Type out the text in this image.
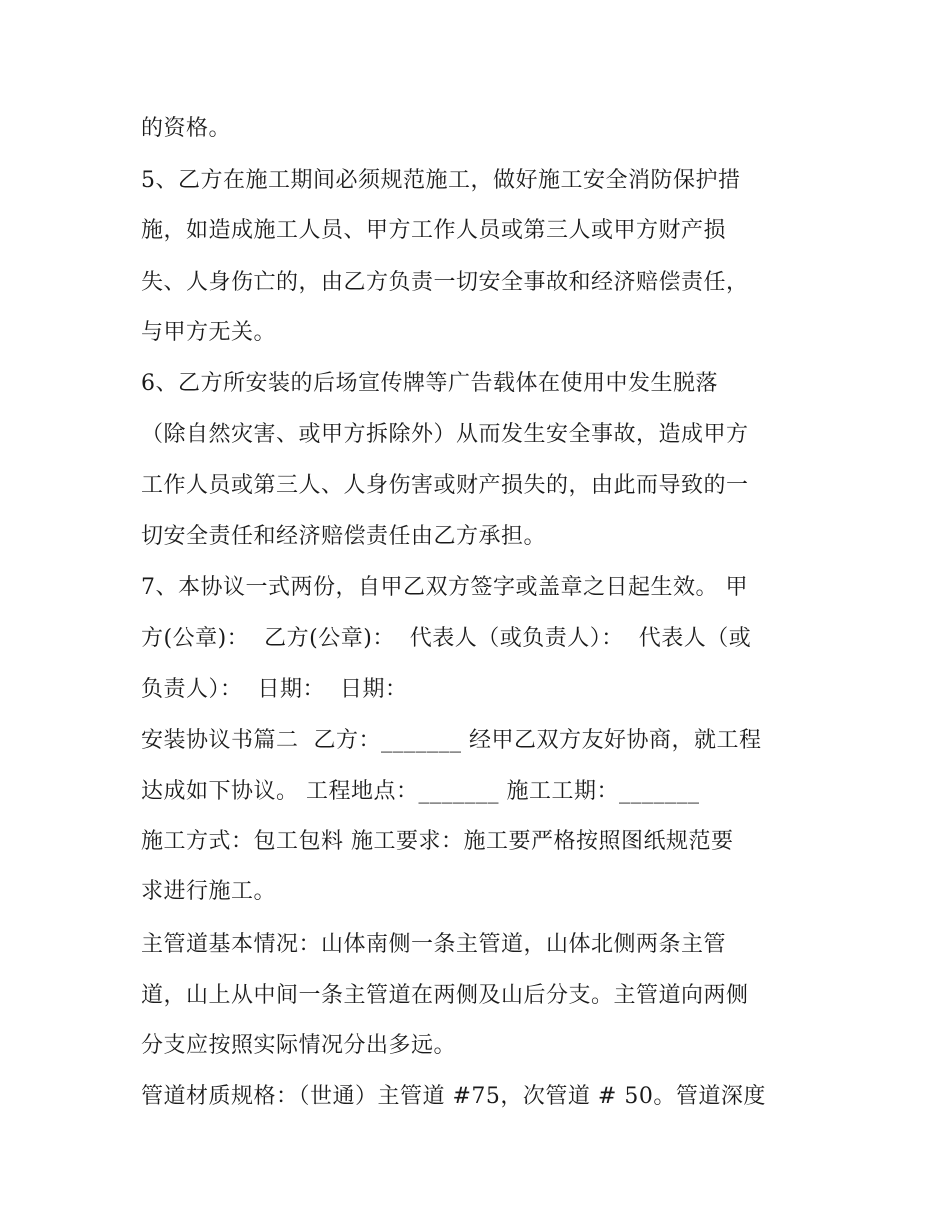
的资格。
5、乙方在施工期间必须规范施工，做好施工安全消防保护措
施，如造成施工人员、甲方工作人员或第三人或甲方财产损
失、人身伤亡的，由乙方负责一切安全事故和经济赔偿责任，
与甲方无关。
6、乙方所安装的后场宣传牌等广告载体在使用中发生脱落
（除自然灾害、或甲方拆除外）从而发生安全事故，造成甲方
工作人员或第三人、人身伤害或财产损失的，由此而导致的一
切安全责任和经济赔偿责任由乙方承担。
7、本协议一式两份，自甲乙双方签字或盖章之日起生效。 甲
方(公章)：  乙方(公章)：  代表人（或负责人）：  代表人（或
负责人）：  日期：  日期：
安装协议书篇二  乙方：_______ 经甲乙双方友好协商，就工程
达成如下协议。 工程地点：_______ 施工工期：_______
施工方式：包工包料 施工要求：施工要严格按照图纸规范要
求进行施工。
主管道基本情况：山体南侧一条主管道，山体北侧两条主管
道，山上从中间一条主管道在两侧及山后分支。主管道向两侧
分支应按照实际情况分出多远。
管道材质规格：（世通）主管道 #75，次管道 # 50。管道深度
